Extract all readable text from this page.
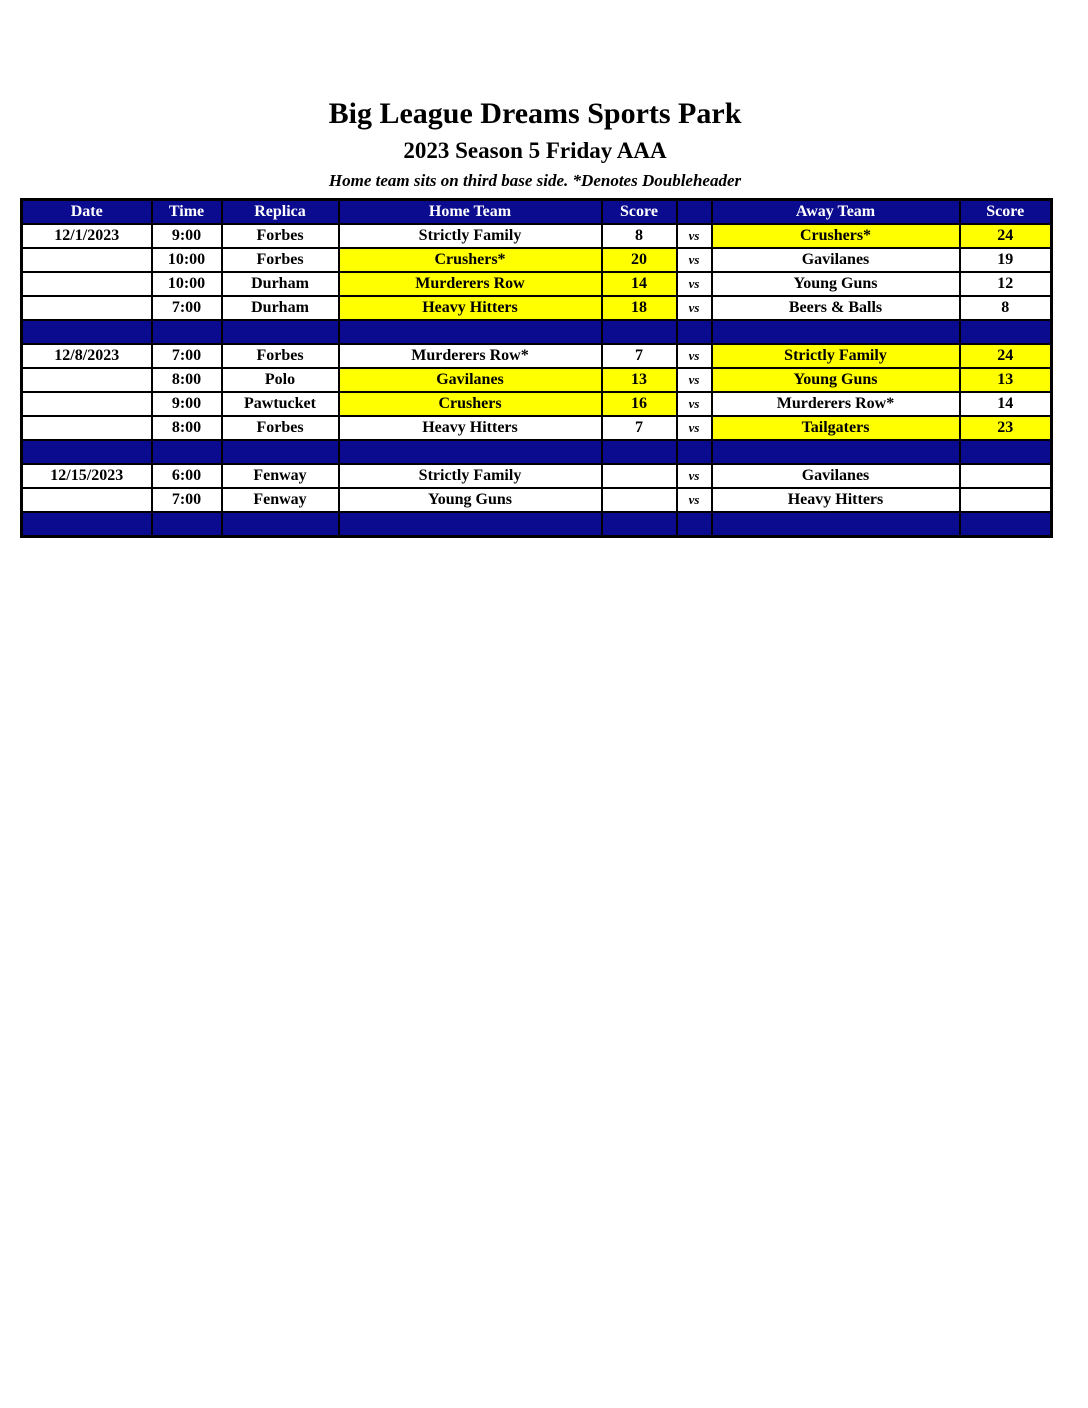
Big League Dreams Sports Park
2023 Season 5 Friday AAA
Home team sits on third base side. *Denotes Doubleheader
Date	Time	Replica	Home Team	Score		Away Team	Score
12/1/2023	9:00	Forbes	Strictly Family	8	vs	Crushers*	24
	10:00	Forbes	Crushers*	20	vs	Gavilanes	19
	10:00	Durham	Murderers Row	14	vs	Young Guns	12
	7:00	Durham	Heavy Hitters	18	vs	Beers & Balls	8

12/8/2023	7:00	Forbes	Murderers Row*	7	vs	Strictly Family	24
	8:00	Polo	Gavilanes	13	vs	Young Guns	13
	9:00	Pawtucket	Crushers	16	vs	Murderers Row*	14
	8:00	Forbes	Heavy Hitters	7	vs	Tailgaters	23

12/15/2023	6:00	Fenway	Strictly Family		vs	Gavilanes	
	7:00	Fenway	Young Guns		vs	Heavy Hitters	
